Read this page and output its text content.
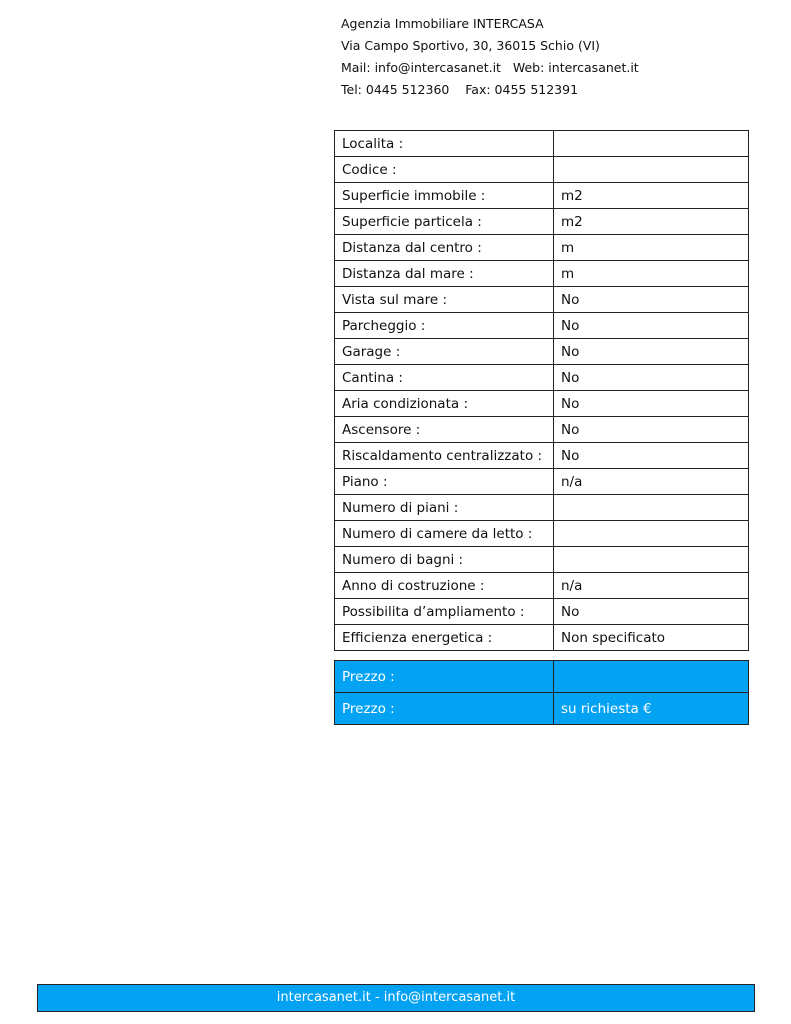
Agenzia Immobiliare INTERCASA
Via Campo Sportivo, 30, 36015 Schio (VI)
Mail: info@intercasanet.it   Web: intercasanet.it
Tel: 0445 512360    Fax: 0455 512391
Localita :	
Codice :	
Superficie immobile :	m2
Superficie particela :	m2
Distanza dal centro :	m
Distanza dal mare :	m
Vista sul mare :	No
Parcheggio :	No
Garage :	No
Cantina :	No
Aria condizionata :	No
Ascensore :	No
Riscaldamento centralizzato :	No
Piano :	n/a
Numero di piani :	
Numero di camere da letto :	
Numero di bagni :	
Anno di costruzione :	n/a
Possibilita d’ampliamento :	No
Efficienza energetica :	Non specificato
Prezzo :	
Prezzo :	su richiesta €
intercasanet.it - info@intercasanet.it
